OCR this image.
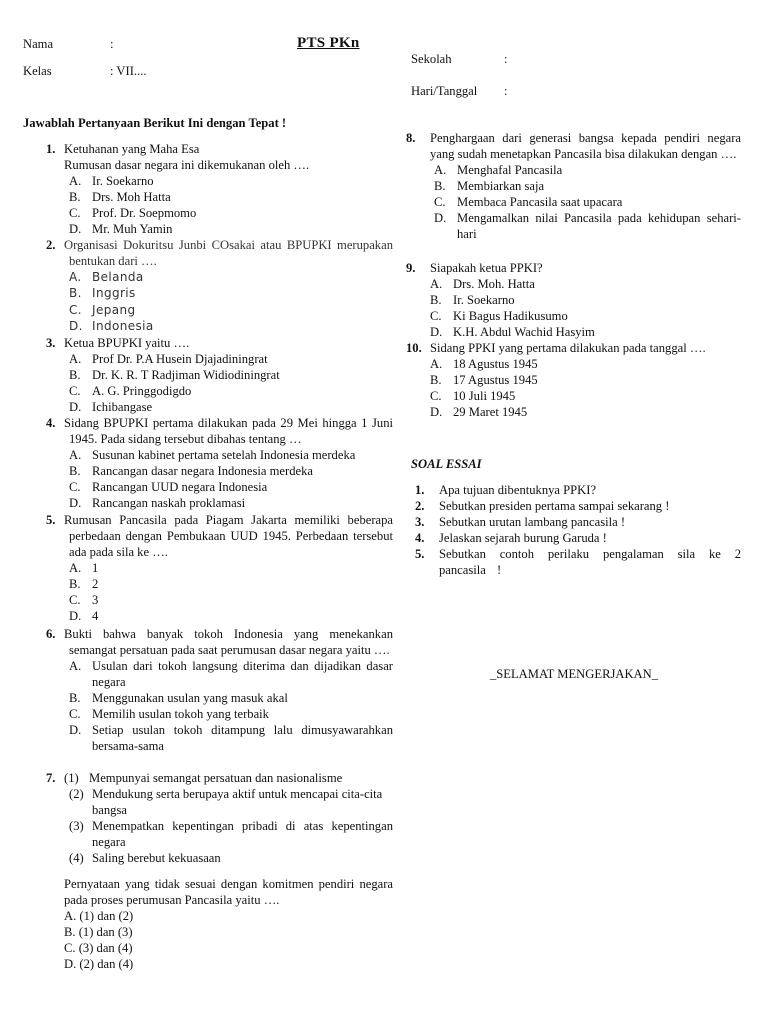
Nama	:
Kelas	: VII....
PTS PKn
Sekolah	:
Hari/Tanggal :
Jawablah Pertanyaan Berikut Ini dengan Tepat !
1. Ketuhanan yang Maha Esa
Rumusan dasar negara ini dikemukanan oleh ….
A. Ir. Soekarno
B. Drs. Moh Hatta
C. Prof. Dr. Soepmomo
D. Mr. Muh Yamin
2. Organisasi Dokuritsu Junbi COsakai atau BPUPKI merupakan bentukan dari ….
A. Belanda
B. Inggris
C. Jepang
D. Indonesia
3. Ketua BPUPKI yaitu ….
A. Prof Dr. P.A Husein Djajadiningrat
B. Dr. K. R. T Radjiman Widiodiningrat
C. A. G. Pringgodigdo
D. Ichibangase
4. Sidang BPUPKI pertama dilakukan pada 29 Mei hingga 1 Juni 1945. Pada sidang tersebut dibahas tentang …
A. Susunan kabinet pertama setelah Indonesia merdeka
B. Rancangan dasar negara Indonesia merdeka
C. Rancangan UUD negara Indonesia
D. Rancangan naskah proklamasi
5. Rumusan Pancasila pada Piagam Jakarta memiliki beberapa perbedaan dengan Pembukaan UUD 1945. Perbedaan tersebut ada pada sila ke ….
A. 1
B. 2
C. 3
D. 4
6. Bukti bahwa banyak tokoh Indonesia yang menekankan semangat persatuan pada saat perumusan dasar negara yaitu ….
A. Usulan dari tokoh langsung diterima dan dijadikan dasar negara
B. Menggunakan usulan yang masuk akal
C. Memilih usulan tokoh yang terbaik
D. Setiap usulan tokoh ditampung lalu dimusyawarahkan bersama-sama
7. (1) Mempunyai semangat persatuan dan nasionalisme
(2) Mendukung serta berupaya aktif untuk mencapai cita-cita bangsa
(3) Menempatkan kepentingan pribadi di atas kepentingan negara
(4) Saling berebut kekuasaan
Pernyataan yang tidak sesuai dengan komitmen pendiri negara pada proses perumusan Pancasila yaitu ….
A. (1) dan (2)
B. (1) dan (3)
C. (3) dan (4)
D. (2) dan (4)
8. Penghargaan dari generasi bangsa kepada pendiri negara yang sudah menetapkan Pancasila bisa dilakukan dengan ….
A. Menghafal Pancasila
B. Membiarkan saja
C. Membaca Pancasila saat upacara
D. Mengamalkan nilai Pancasila pada kehidupan sehari-hari
9. Siapakah ketua PPKI?
A. Drs. Moh. Hatta
B. Ir. Soekarno
C. Ki Bagus Hadikusumo
D. K.H. Abdul Wachid Hasyim
10. Sidang PPKI yang pertama dilakukan pada tanggal ….
A. 18 Agustus 1945
B. 17 Agustus 1945
C. 10 Juli 1945
D. 29 Maret 1945
SOAL ESSAI
1. Apa tujuan dibentuknya PPKI?
2. Sebutkan presiden pertama sampai sekarang !
3. Sebutkan urutan lambang pancasila !
4. Jelaskan sejarah burung Garuda !
5. Sebutkan contoh perilaku pengalaman sila ke 2 pancasila !
_SELAMAT MENGERJAKAN_
